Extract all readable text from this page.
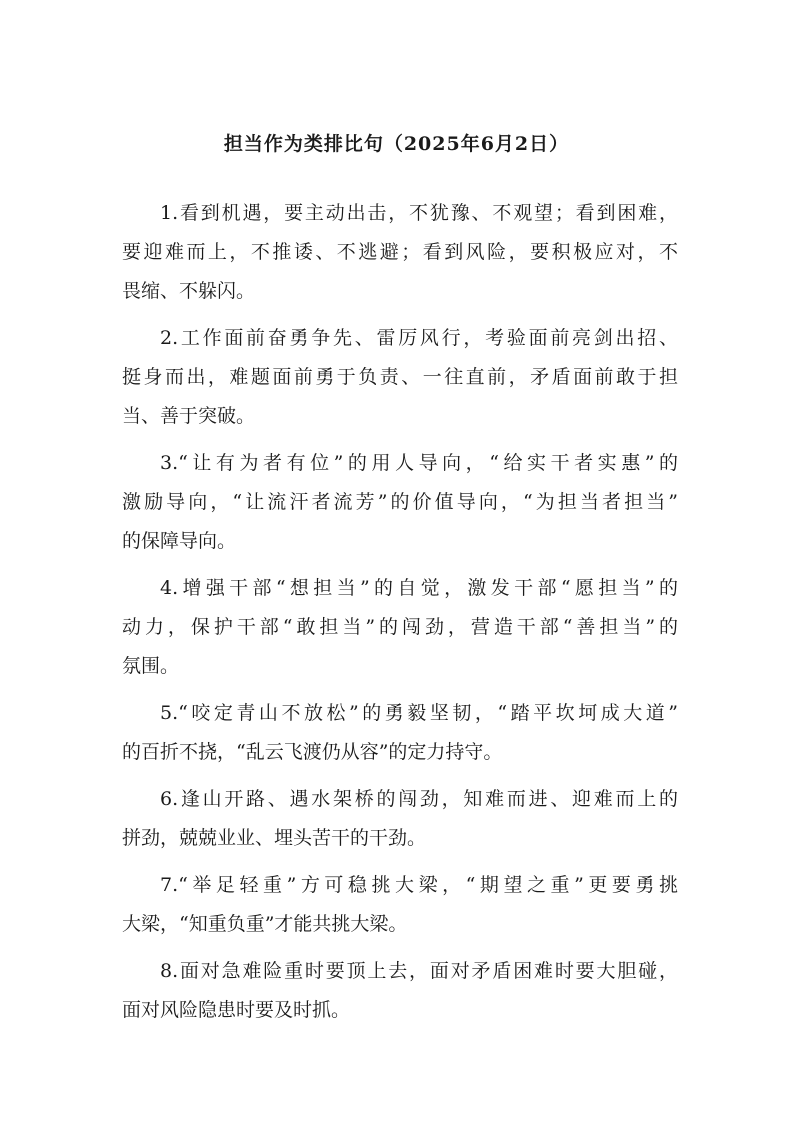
担当作为类排比句（2025年6月2日）
1.看到机遇，要主动出击，不犹豫、不观望；看到困难，
要迎难而上，不推诿、不逃避；看到风险，要积极应对，不
畏缩、不躲闪。
2.工作面前奋勇争先、雷厉风行，考验面前亮剑出招、
挺身而出，难题面前勇于负责、一往直前，矛盾面前敢于担
当、善于突破。
3.“让有为者有位”的用人导向，“给实干者实惠”的
激励导向，“让流汗者流芳”的价值导向，“为担当者担当”
的保障导向。
4.增强干部“想担当”的自觉，激发干部“愿担当”的
动力，保护干部“敢担当”的闯劲，营造干部“善担当”的
氛围。
5.“咬定青山不放松”的勇毅坚韧，“踏平坎坷成大道”
的百折不挠，“乱云飞渡仍从容”的定力持守。
6.逢山开路、遇水架桥的闯劲，知难而进、迎难而上的
拼劲，兢兢业业、埋头苦干的干劲。
7.“举足轻重”方可稳挑大梁，“期望之重”更要勇挑
大梁，“知重负重”才能共挑大梁。
8.面对急难险重时要顶上去，面对矛盾困难时要大胆碰，
面对风险隐患时要及时抓。
